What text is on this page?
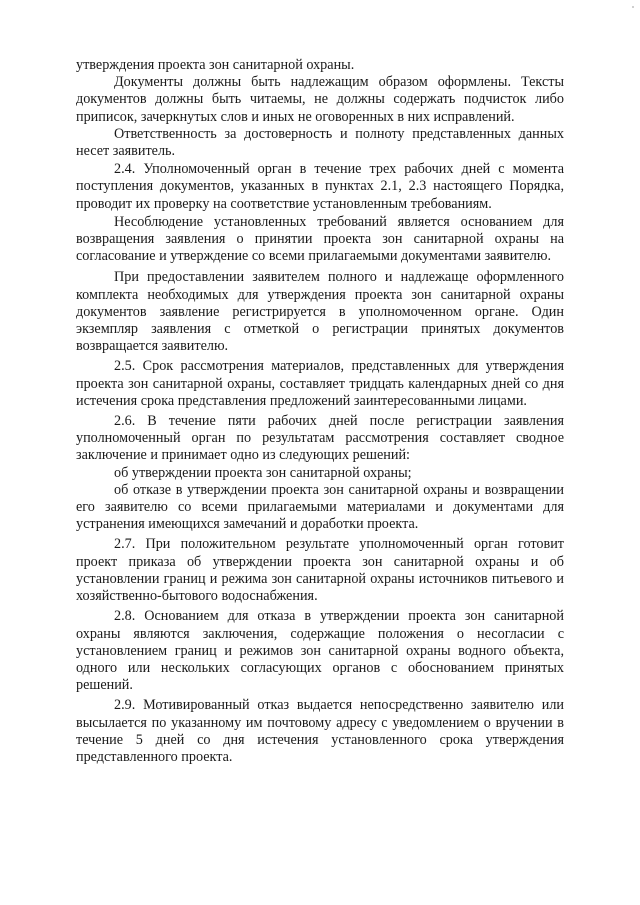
утверждения проекта зон санитарной охраны.

Документы должны быть надлежащим образом оформлены. Тексты документов должны быть читаемы, не должны содержать подчисток либо приписок, зачеркнутых слов и иных не оговоренных в них исправлений.

Ответственность за достоверность и полноту представленных данных несет заявитель.

2.4. Уполномоченный орган в течение трех рабочих дней с момента поступления документов, указанных в пунктах 2.1, 2.3 настоящего Порядка, проводит их проверку на соответствие установленным требованиям.

Несоблюдение установленных требований является основанием для возвращения заявления о принятии проекта зон санитарной охраны на согласование и утверждение со всеми прилагаемыми документами заявителю.

При предоставлении заявителем полного и надлежаще оформленного комплекта необходимых для утверждения проекта зон санитарной охраны документов заявление регистрируется в уполномоченном органе. Один экземпляр заявления с отметкой о регистрации принятых документов возвращается заявителю.

2.5. Срок рассмотрения материалов, представленных для утверждения проекта зон санитарной охраны, составляет тридцать календарных дней со дня истечения срока представления предложений заинтересованными лицами.

2.6. В течение пяти рабочих дней после регистрации заявления уполномоченный орган по результатам рассмотрения составляет сводное заключение и принимает одно из следующих решений:

об утверждении проекта зон санитарной охраны;

об отказе в утверждении проекта зон санитарной охраны и возвращении его заявителю со всеми прилагаемыми материалами и документами для устранения имеющихся замечаний и доработки проекта.

2.7. При положительном результате уполномоченный орган готовит проект приказа об утверждении проекта зон санитарной охраны и об установлении границ и режима зон санитарной охраны источников питьевого и хозяйственно-бытового водоснабжения.

2.8. Основанием для отказа в утверждении проекта зон санитарной охраны являются заключения, содержащие положения о несогласии с установлением границ и режимов зон санитарной охраны водного объекта, одного или нескольких согласующих органов с обоснованием принятых решений.

2.9. Мотивированный отказ выдается непосредственно заявителю или высылается по указанному им почтовому адресу с уведомлением о вручении в течение 5 дней со дня истечения установленного срока утверждения представленного проекта.
